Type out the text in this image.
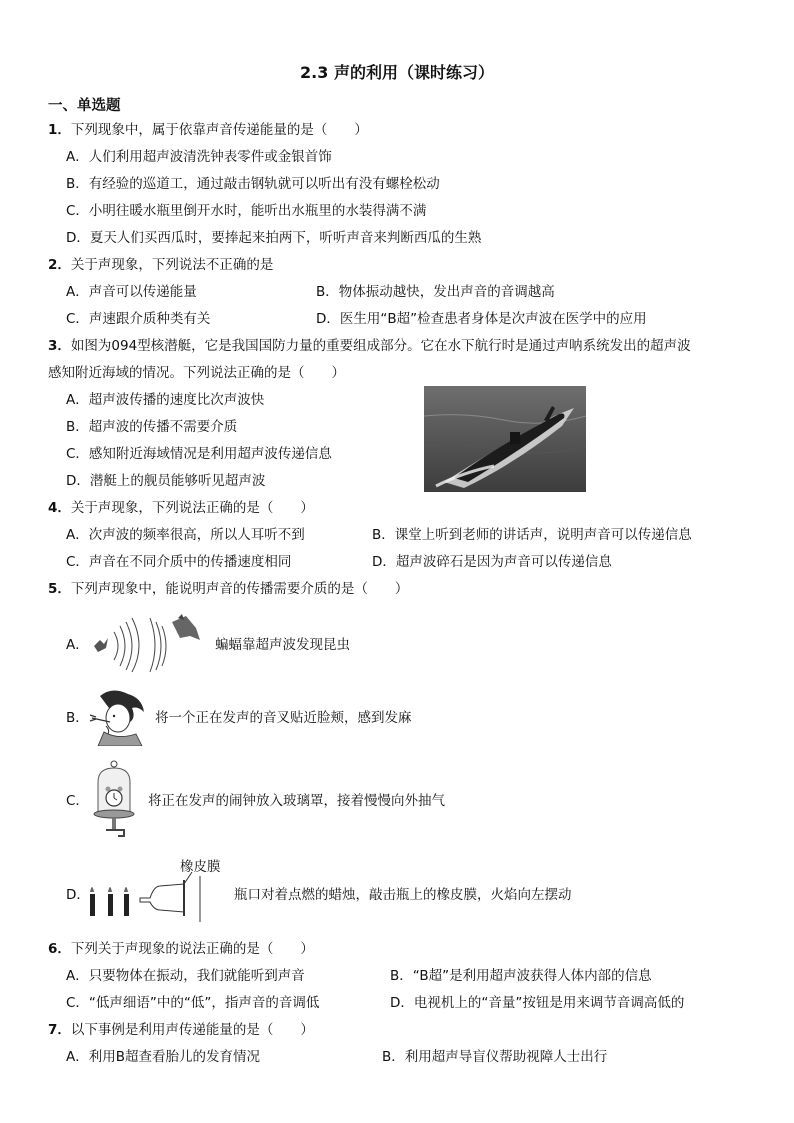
2.3 声的利用（课时练习）
一、单选题
1．下列现象中，属于依靠声音传递能量的是（　　）
A．人们利用超声波清洗钟表零件或金银首饰
B．有经验的巡道工，通过敲击钢轨就可以听出有没有螺栓松动
C．小明往暖水瓶里倒开水时，能听出水瓶里的水装得满不满
D．夏天人们买西瓜时，要捧起来拍两下，听听声音来判断西瓜的生熟
2．关于声现象，下列说法不正确的是
A．声音可以传递能量	B．物体振动越快，发出声音的音调越高
C．声速跟介质种类有关	D．医生用“B超”检查患者身体是次声波在医学中的应用
3．如图为094型核潜艇，它是我国国防力量的重要组成部分。它在水下航行时是通过声呐系统发出的超声波
感知附近海域的情况。下列说法正确的是（　　）
A．超声波传播的速度比次声波快
B．超声波的传播不需要介质
C．感知附近海域情况是利用超声波传递信息
D．潜艇上的舰员能够听见超声波
4．关于声现象，下列说法正确的是（　　）
A．次声波的频率很高，所以人耳听不到	B．课堂上听到老师的讲话声，说明声音可以传递信息
C．声音在不同介质中的传播速度相同	D．超声波碎石是因为声音可以传递信息
5．下列声现象中，能说明声音的传播需要介质的是（　　）
A．	蝙蝠靠超声波发现昆虫
B．	将一个正在发声的音叉贴近脸颊，感到发麻
C．	将正在发声的闹钟放入玻璃罩，接着慢慢向外抽气
D．
橡皮膜
瓶口对着点燃的蜡烛，敲击瓶上的橡皮膜，火焰向左摆动
6．下列关于声现象的说法正确的是（　　）
A．只要物体在振动，我们就能听到声音	B．“B超”是利用超声波获得人体内部的信息
C．“低声细语”中的“低”，指声音的音调低	D．电视机上的“音量”按钮是用来调节音调高低的
7．以下事例是利用声传递能量的是（　　）
A．利用B超查看胎儿的发育情况	B．利用超声导盲仪帮助视障人士出行
